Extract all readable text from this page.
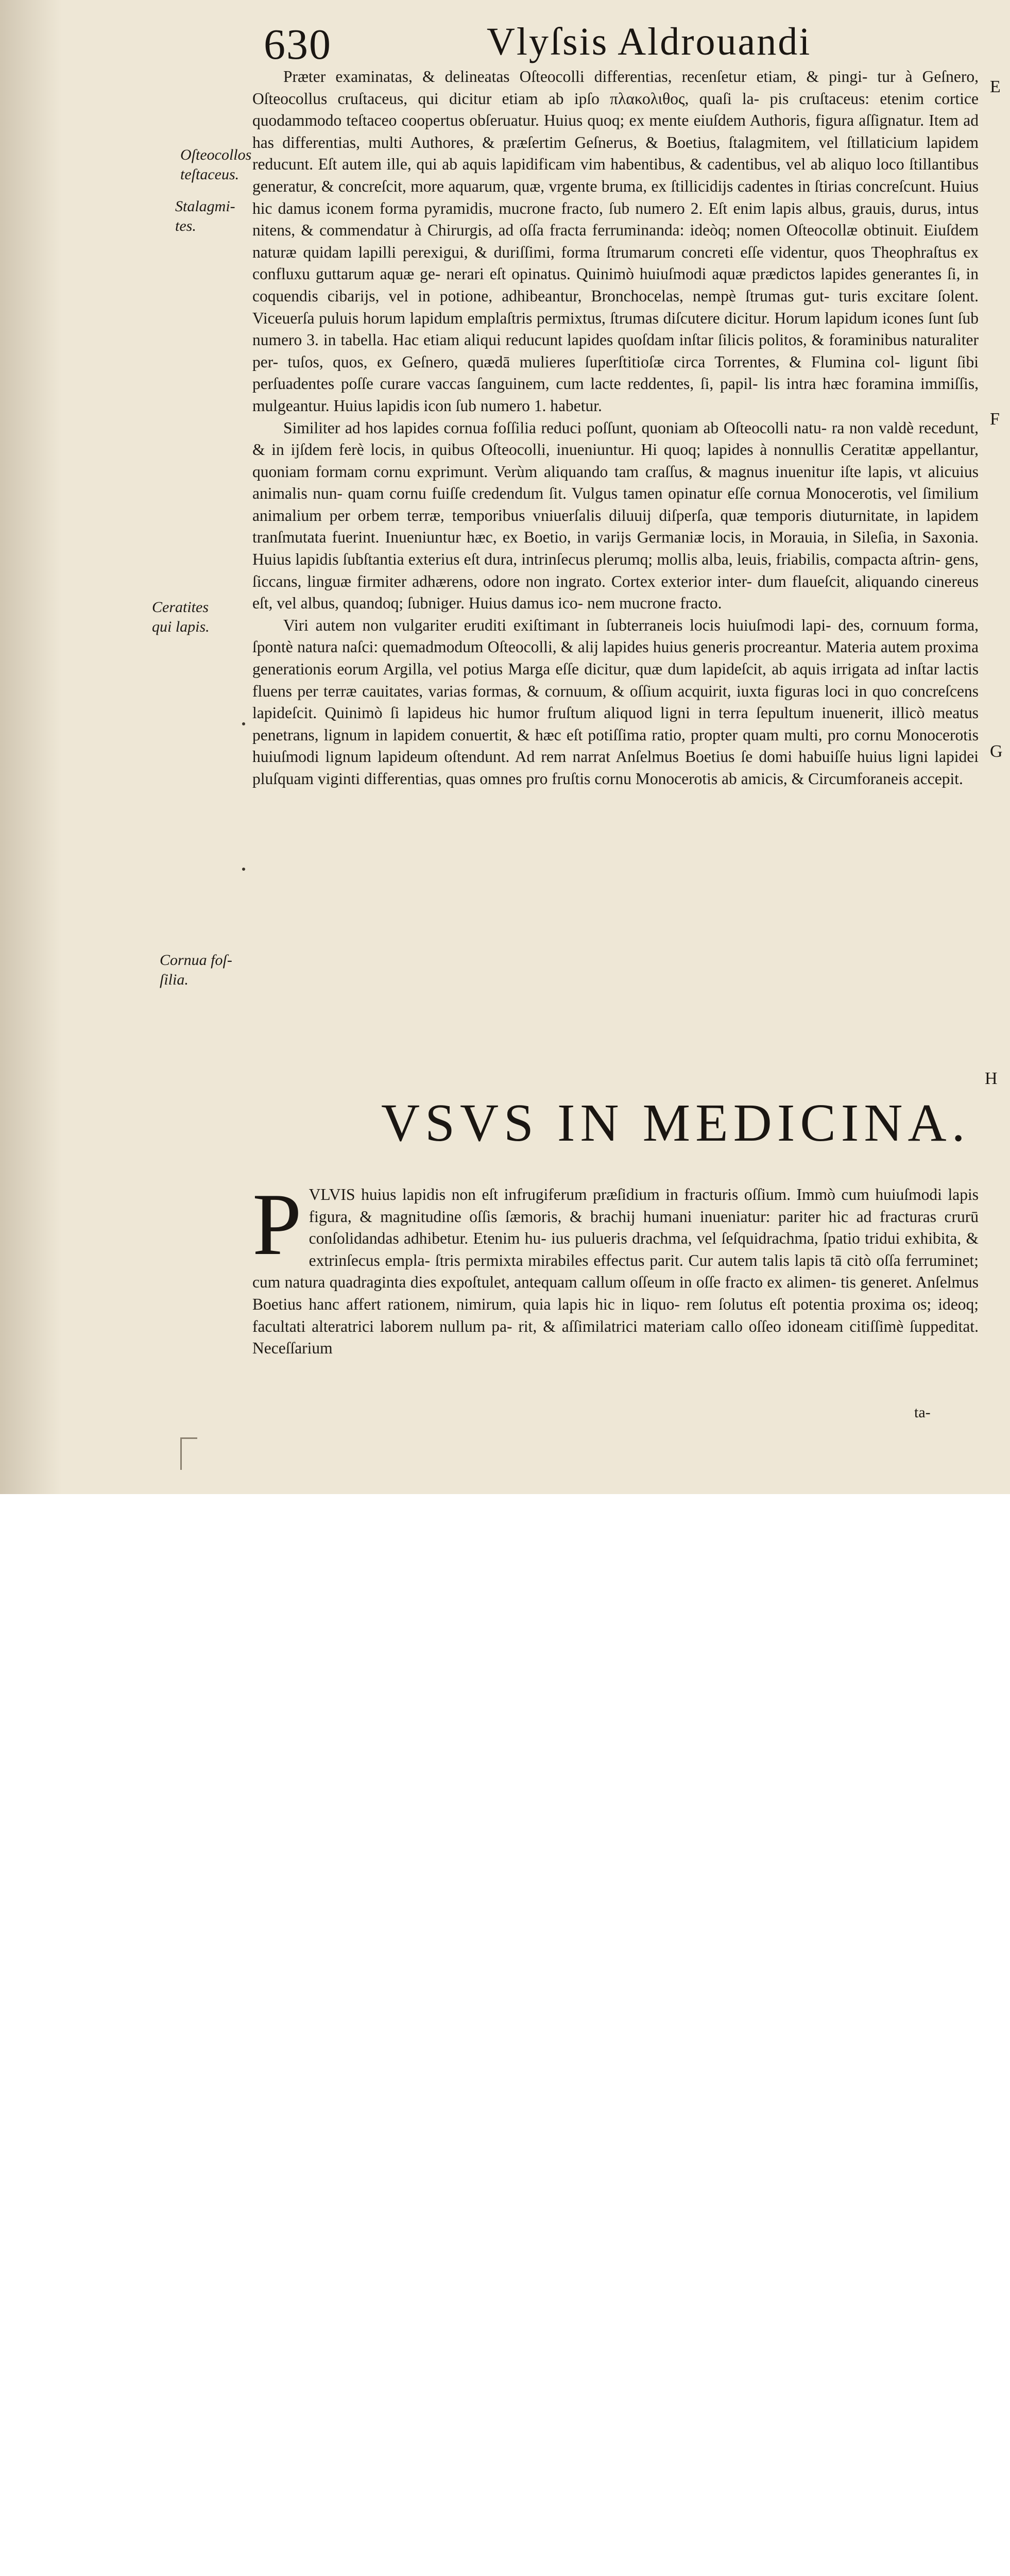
630	Vlyſsis Aldrouandi

Præter examinatas, & delineatas Oſteocolli differentias, recenſetur etiam, & pingi- tur à Geſnero, Oſteocollus cruſtaceus, qui dicitur etiam ab ipſo πλακολιθος, quaſi la- pis cruſtaceus: etenim cortice quodammodo teſtaceo coopertus obſeruatur. Huius quoq; ex mente eiuſdem Authoris, figura aſſignatur. Item ad has differentias, multi Authores, & præſertim Geſnerus, & Boetius, ſtalagmitem, vel ſtillaticium lapidem reducunt. Eſt autem ille, qui ab aquis lapidificam vim habentibus, & cadentibus, vel ab aliquo loco ſtillantibus generatur, & concreſcit, more aquarum, quæ, vrgente bruma, ex ſtillicidijs cadentes in ſtirias concreſcunt. Huius hic damus iconem forma pyramidis, mucrone fracto, ſub numero 2. Eſt enim lapis albus, grauis, durus, intus nitens, & commendatur à Chirurgis, ad oſſa fracta ferruminanda: ideòq; nomen Oſteocollæ obtinuit. Eiuſdem naturæ quidam lapilli perexigui, & duriſſimi, forma ſtrumarum concreti eſſe videntur, quos Theophraſtus ex confluxu guttarum aquæ ge- nerari eſt opinatus. Quinimò huiuſmodi aquæ prædictos lapides generantes ſi, in coquendis cibarijs, vel in potione, adhibeantur, Bronchocelas, nempè ſtrumas gut- turis excitare ſolent. Viceuerſa puluis horum lapidum emplaſtris permixtus, ſtrumas diſcutere dicitur. Horum lapidum icones ſunt ſub numero 3. in tabella. Hac etiam aliqui reducunt lapides quoſdam inſtar ſilicis politos, & foraminibus naturaliter per- tuſos, quos, ex Geſnero, quædā mulieres ſuperſtitioſæ circa Torrentes, & Flumina col- ligunt ſibi perſuadentes poſſe curare vaccas ſanguinem, cum lacte reddentes, ſi, papil- lis intra hæc foramina immiſſis, mulgeantur. Huius lapidis icon ſub numero 1. habetur.

Similiter ad hos lapides cornua foſſilia reduci poſſunt, quoniam ab Oſteocolli natu- ra non valdè recedunt, & in ijſdem ferè locis, in quibus Oſteocolli, inueniuntur. Hi quoq; lapides à nonnullis Ceratitæ appellantur, quoniam formam cornu exprimunt. Verùm aliquando tam craſſus, & magnus inuenitur iſte lapis, vt alicuius animalis nun- quam cornu fuiſſe credendum ſit. Vulgus tamen opinatur eſſe cornua Monocerotis, vel ſimilium animalium per orbem terræ, temporibus vniuerſalis diluuij diſperſa, quæ temporis diuturnitate, in lapidem tranſmutata fuerint. Inueniuntur hæc, ex Boetio, in varijs Germaniæ locis, in Morauia, in Sileſia, in Saxonia. Huius lapidis ſubſtantia exterius eſt dura, intrinſecus plerumq; mollis alba, leuis, friabilis, compacta aſtrin- gens, ſiccans, linguæ firmiter adhærens, odore non ingrato. Cortex exterior inter- dum flaueſcit, aliquando cinereus eſt, vel albus, quandoq; ſubniger. Huius damus ico- nem mucrone fracto.

Viri autem non vulgariter eruditi exiſtimant in ſubterraneis locis huiuſmodi lapi- des, cornuum forma, ſpontè natura naſci: quemadmodum Oſteocolli, & alij lapides huius generis procreantur. Materia autem proxima generationis eorum Argilla, vel potius Marga eſſe dicitur, quæ dum lapideſcit, ab aquis irrigata ad inſtar lactis fluens per terræ cauitates, varias formas, & cornuum, & oſſium acquirit, iuxta figuras loci in quo concreſcens lapideſcit. Quinimò ſi lapideus hic humor fruſtum aliquod ligni in terra ſepultum inuenerit, illicò meatus penetrans, lignum in lapidem conuertit, & hæc eſt potiſſima ratio, propter quam multi, pro cornu Monocerotis huiuſmodi lignum lapideum oſtendunt. Ad rem narrat Anſelmus Boetius ſe domi habuiſſe huius ligni lapidei pluſquam viginti differentias, quas omnes pro fruſtis cornu Monocerotis ab amicis, & Circumforaneis accepit.

Oſteocollos teſtaceus.
Stalagmi- tes.
Ceratites qui lapis.
Cornua foſ- ſilia.
E
F
G
H
VSVS IN MEDICINA.
P VLVIS huius lapidis non eſt infrugiferum præſidium in fracturis oſſium. Immò cum huiuſmodi lapis figura, & magnitudine oſſis ſæmoris, & brachij humani inueniatur: pariter hic ad fracturas crurū conſolidandas adhibetur. Etenim hu- ius pulueris drachma, vel ſeſquidrachma, ſpatio tridui exhibita, & extrinſecus empla- ſtris permixta mirabiles effectus parit. Cur autem talis lapis tā citò oſſa ferruminet; cum natura quadraginta dies expoſtulet, antequam callum oſſeum in oſſe fracto ex alimen- tis generet. Anſelmus Boetius hanc affert rationem, nimirum, quia lapis hic in liquo- rem ſolutus eſt potentia proxima os; ideoq; facultati alteratrici laborem nullum pa- rit, & aſſimilatrici materiam callo oſſeo idoneam citiſſimè ſuppeditat. Neceſſarium
ta-
